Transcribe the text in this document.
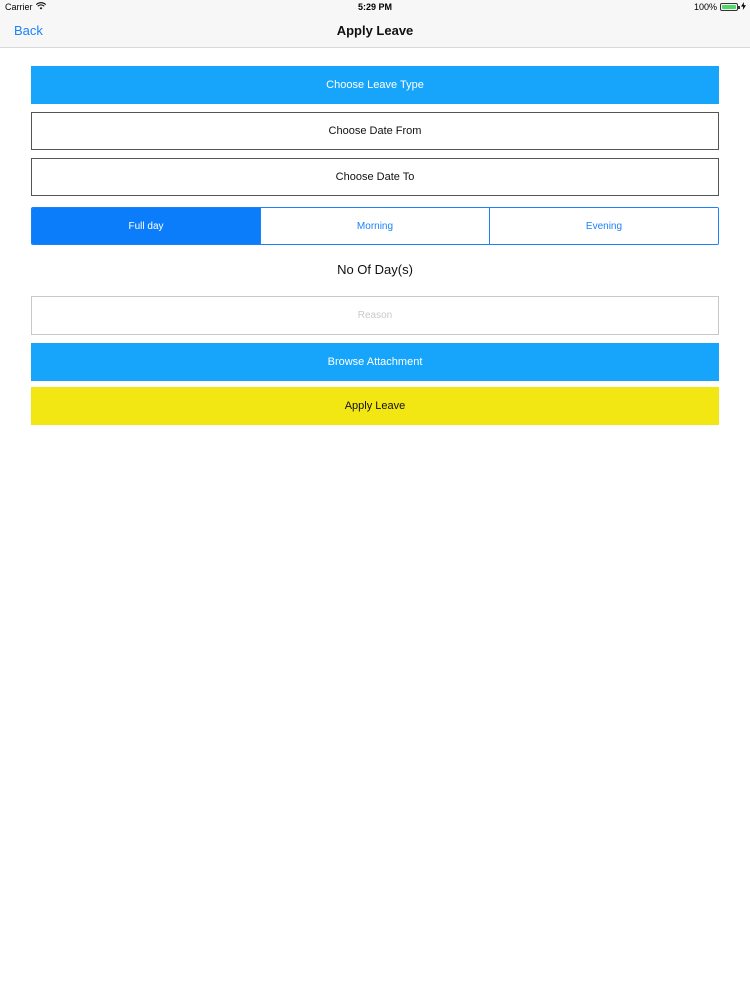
Carrier	5:29 PM	100%
Back	Apply Leave
Choose Leave Type
Choose Date From
Choose Date To
Full day	Morning	Evening
No Of Day(s)
Reason
Browse Attachment
Apply Leave
